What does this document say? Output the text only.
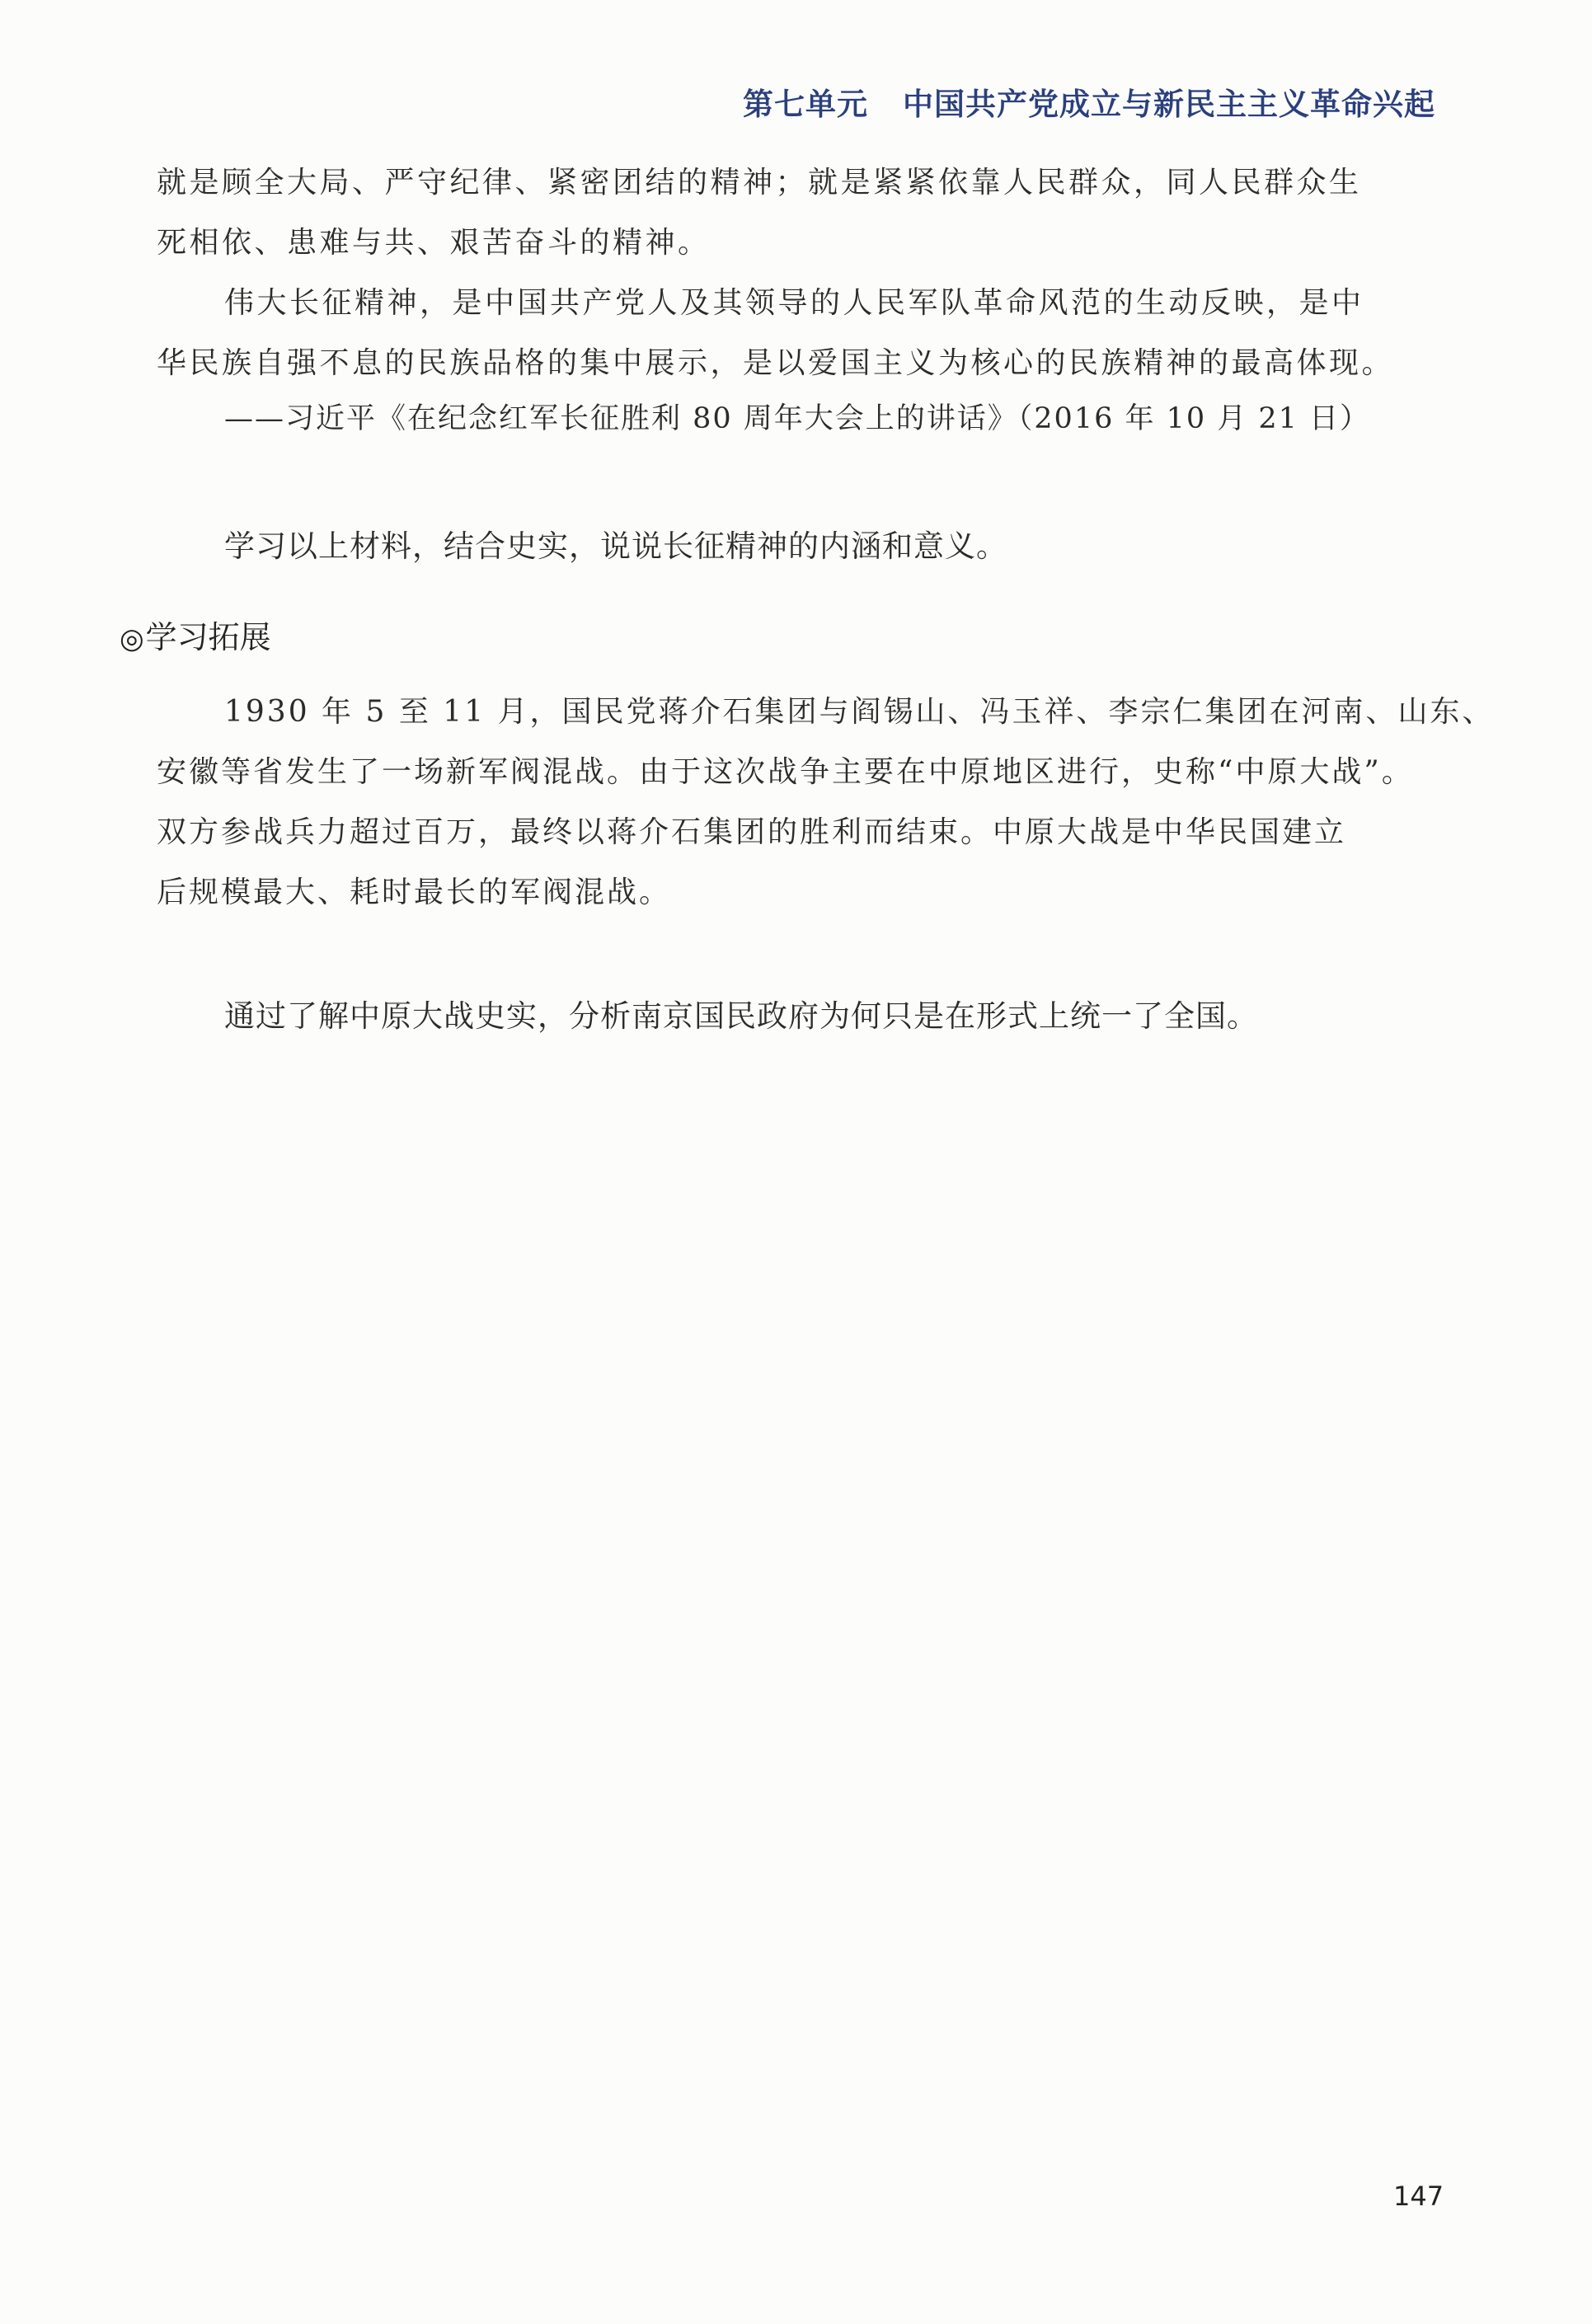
第七单元 中国共产党成立与新民主主义革命兴起
就是顾全大局、严守纪律、紧密团结的精神；就是紧紧依靠人民群众，同人民群众生
死相依、患难与共、艰苦奋斗的精神。
伟大长征精神，是中国共产党人及其领导的人民军队革命风范的生动反映，是中
华民族自强不息的民族品格的集中展示，是以爱国主义为核心的民族精神的最高体现。
——习近平《在纪念红军长征胜利 80 周年大会上的讲话》（2016 年 10 月 21 日）
学习以上材料，结合史实，说说长征精神的内涵和意义。
◎学习拓展
1930 年 5 至 11 月，国民党蒋介石集团与阎锡山、冯玉祥、李宗仁集团在河南、山东、
安徽等省发生了一场新军阀混战。由于这次战争主要在中原地区进行，史称“中原大战”。
双方参战兵力超过百万，最终以蒋介石集团的胜利而结束。中原大战是中华民国建立
后规模最大、耗时最长的军阀混战。
通过了解中原大战史实，分析南京国民政府为何只是在形式上统一了全国。
147
